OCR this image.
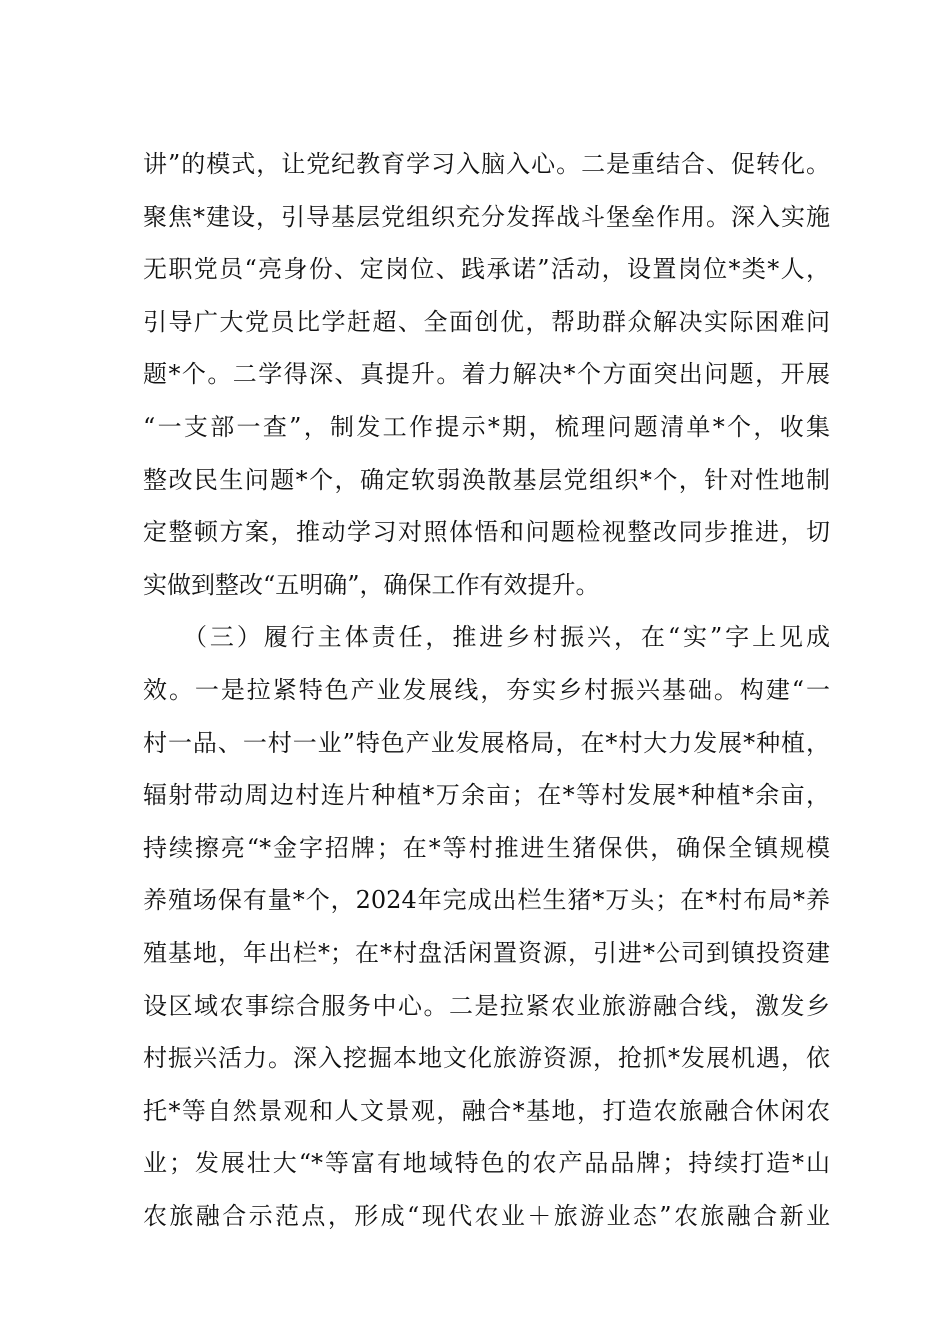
讲”的模式，让党纪教育学习入脑入心。二是重结合、促转化。
聚焦*建设，引导基层党组织充分发挥战斗堡垒作用。深入实施
无职党员“亮身份、定岗位、践承诺”活动，设置岗位*类*人，
引导广大党员比学赶超、全面创优，帮助群众解决实际困难问
题*个。二学得深、真提升。着力解决*个方面突出问题，开展
“一支部一查”，制发工作提示*期，梳理问题清单*个，收集
整改民生问题*个，确定软弱涣散基层党组织*个，针对性地制
定整顿方案，推动学习对照体悟和问题检视整改同步推进，切
实做到整改“五明确”，确保工作有效提升。
（三）履行主体责任，推进乡村振兴，在“实”字上见成
效。一是拉紧特色产业发展线，夯实乡村振兴基础。构建“一
村一品、一村一业”特色产业发展格局，在*村大力发展*种植，
辐射带动周边村连片种植*万余亩；在*等村发展*种植*余亩，
持续擦亮“*金字招牌；在*等村推进生猪保供，确保全镇规模
养殖场保有量*个，2024年完成出栏生猪*万头；在*村布局*养
殖基地，年出栏*；在*村盘活闲置资源，引进*公司到镇投资建
设区域农事综合服务中心。二是拉紧农业旅游融合线，激发乡
村振兴活力。深入挖掘本地文化旅游资源，抢抓*发展机遇，依
托*等自然景观和人文景观，融合*基地，打造农旅融合休闲农
业；发展壮大“*等富有地域特色的农产品品牌；持续打造*山
农旅融合示范点，形成“现代农业＋旅游业态”农旅融合新业
